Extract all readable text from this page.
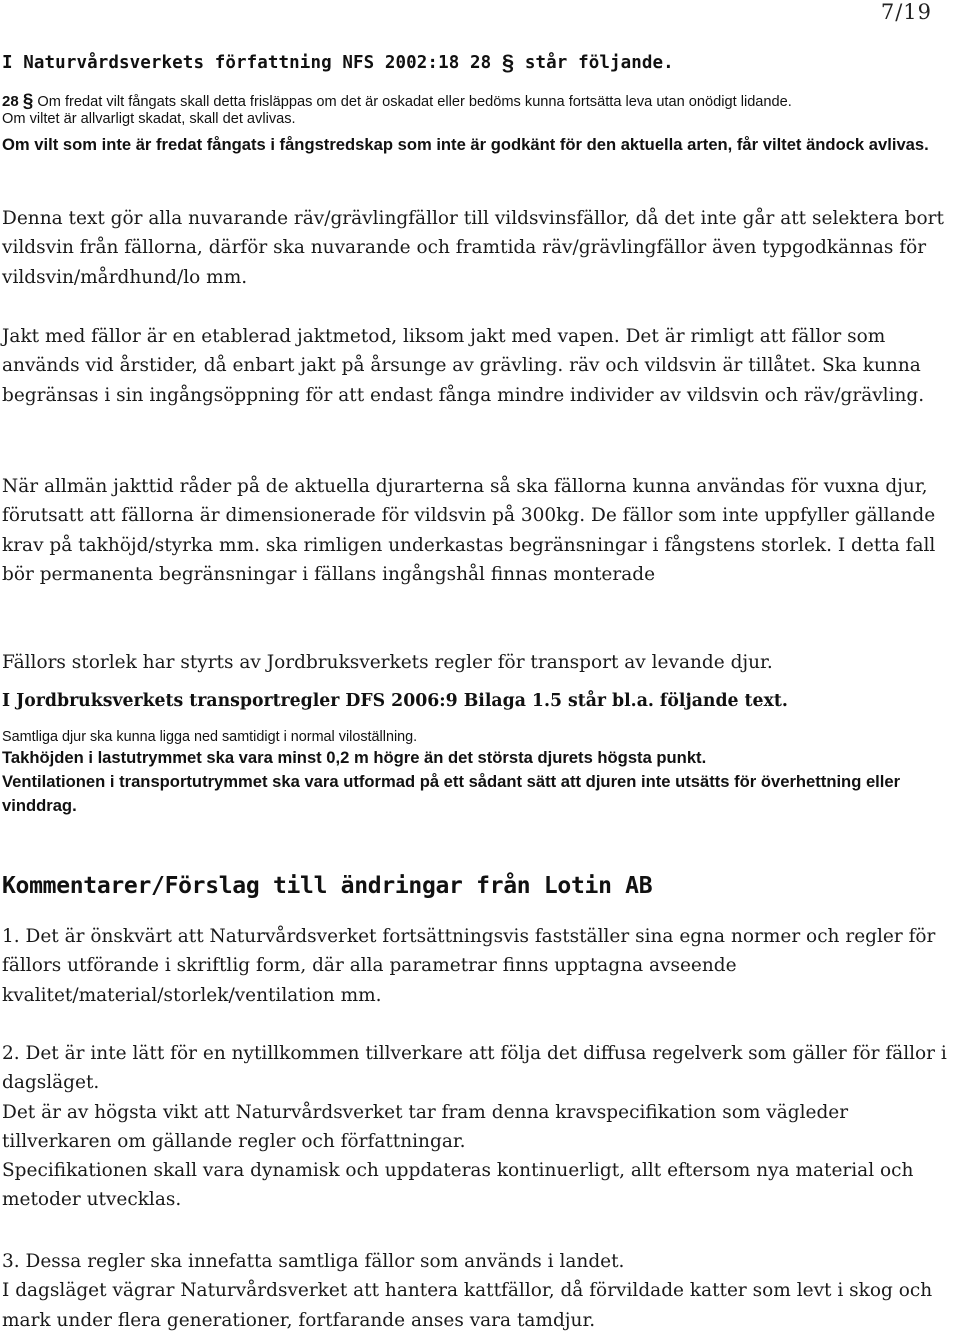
7/19
I Naturvårdsverkets författning NFS 2002:18 28 § står följande.
28 § Om fredat vilt fångats skall detta frisläppas om det är oskadat eller bedöms kunna fortsätta leva utan onödigt lidande.
Om viltet är allvarligt skadat, skall det avlivas.
Om vilt som inte är fredat fångats i fångstredskap som inte är godkänt för den aktuella arten, får viltet ändock avlivas.

Denna text gör alla nuvarande räv/grävlingfällor till vildsvinsfällor, då det inte går att selektera bort vildsvin från fällorna, därför ska nuvarande och framtida räv/grävlingfällor även typgodkännas för vildsvin/mårdhund/lo mm.

Jakt med fällor är en etablerad jaktmetod, liksom jakt med vapen. Det är rimligt att fällor som används vid årstider, då enbart jakt på årsunge av grävling. räv och vildsvin är tillåtet. Ska kunna begränsas i sin ingångsöppning för att endast fånga mindre individer av vildsvin och räv/grävling.

När allmän jakttid råder på de aktuella djurarterna så ska fällorna kunna användas för vuxna djur, förutsatt att fällorna är dimensionerade för vildsvin på 300kg. De fällor som inte uppfyller gällande krav på takhöjd/styrka mm. ska rimligen underkastas begränsningar i fångstens storlek. I detta fall bör permanenta begränsningar i fällans ingångshål finnas monterade

Fällors storlek har styrts av Jordbruksverkets regler för transport av levande djur.

I Jordbruksverkets transportregler DFS 2006:9 Bilaga 1.5 står bl.a. följande text.
Samtliga djur ska kunna ligga ned samtidigt i normal viloställning.
Takhöjden i lastutrymmet ska vara minst 0,2 m högre än det största djurets högsta punkt.
Ventilationen i transportutrymmet ska vara utformad på ett sådant sätt att djuren inte utsätts för överhettning eller vinddrag.
Kommentarer/Förslag till ändringar från Lotin AB

1. Det är önskvärt att Naturvårdsverket fortsättningsvis fastställer sina egna normer och regler för fällors utförande i skriftlig form, där alla parametrar finns upptagna avseende kvalitet/material/storlek/ventilation mm.

2. Det är inte lätt för en nytillkommen tillverkare att följa det diffusa regelverk som gäller för fällor i dagsläget.

Det är av högsta vikt att Naturvårdsverket tar fram denna kravspecifikation som vägleder tillverkaren om gällande regler och författningar.

Specifikationen skall vara dynamisk och uppdateras kontinuerligt, allt eftersom nya material och metoder utvecklas.

3. Dessa regler ska innefatta samtliga fällor som används i landet.

I dagsläget vägrar Naturvårdsverket att hantera kattfällor, då förvildade katter som levt i skog och mark under flera generationer, fortfarande anses vara tamdjur.
